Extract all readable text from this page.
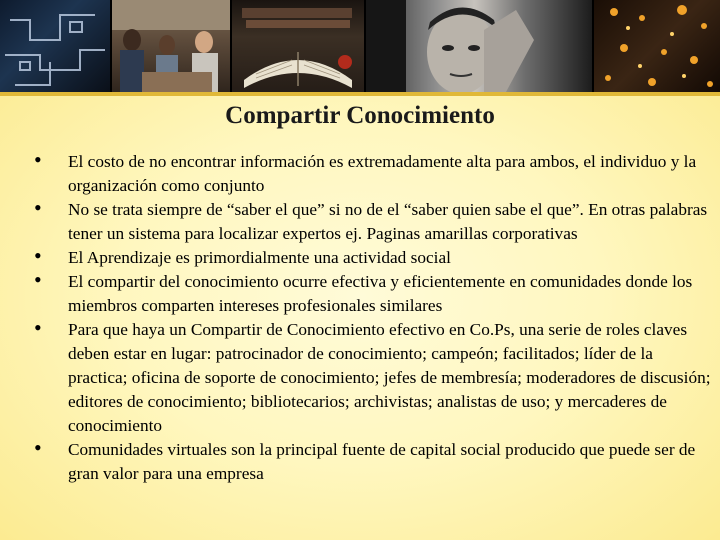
Compartir Conocimiento
• El costo de no encontrar información es extremadamente alta para ambos, el individuo y la organización como conjunto
• No se trata siempre de “saber el que” si no de el “saber quien sabe el que”. En otras palabras tener un sistema para localizar expertos ej. Paginas amarillas corporativas
• El Aprendizaje es primordialmente una actividad social
• El compartir del conocimiento ocurre efectiva y eficientemente en comunidades donde los miembros comparten intereses profesionales similares
• Para que haya un Compartir de Conocimiento efectivo en Co.Ps, una serie de roles claves deben estar en lugar: patrocinador de conocimiento; campeón; facilitados; líder de la practica; oficina de soporte de conocimiento; jefes de membresía; moderadores de discusión; editores de conocimiento; bibliotecarios; archivistas; analistas de uso; y mercaderes de conocimiento
• Comunidades virtuales son la principal fuente de capital social producido que puede ser de gran valor para una empresa
